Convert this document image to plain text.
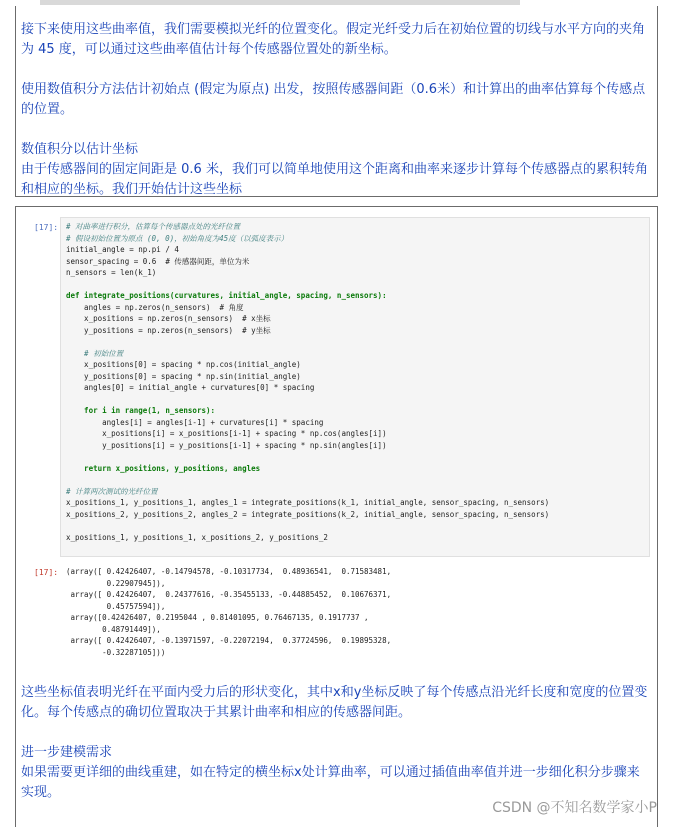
接下来使用这些曲率值，我们需要模拟光纤的位置变化。假定光纤受力后在初始位置的切线与水平方向的夹角为 45 度，可以通过这些曲率值估计每个传感器位置处的新坐标。

使用数值积分方法估计初始点 (假定为原点) 出发，按照传感器间距（0.6米）和计算出的曲率估算每个传感点的位置。

数值积分以估计坐标

由于传感器间的固定间距是 0.6 米，我们可以简单地使用这个距离和曲率来逐步计算每个传感器点的累积转角和相应的坐标。我们开始估计这些坐标

[17]:	# 对曲率进行积分，估算每个传感器点处的光纤位置
# 假设初始位置为原点 (0, 0)，初始角度为45度（以弧度表示）
initial_angle = np.pi / 4
sensor_spacing = 0.6  # 传感器间距，单位为米
n_sensors = len(k_1)
def integrate_positions(curvatures, initial_angle, spacing, n_sensors):
angles = np.zeros(n_sensors)  # 角度
x_positions = np.zeros(n_sensors)  # x坐标
y_positions = np.zeros(n_sensors)  # y坐标
# 初始位置
x_positions[0] = spacing * np.cos(initial_angle)
y_positions[0] = spacing * np.sin(initial_angle)
angles[0] = initial_angle + curvatures[0] * spacing
for i in range(1, n_sensors):
angles[i] = angles[i-1] + curvatures[i] * spacing
x_positions[i] = x_positions[i-1] + spacing * np.cos(angles[i])
y_positions[i] = y_positions[i-1] + spacing * np.sin(angles[i])
return x_positions, y_positions, angles
# 计算两次测试的光纤位置
x_positions_1, y_positions_1, angles_1 = integrate_positions(k_1, initial_angle, sensor_spacing, n_sensors)
x_positions_2, y_positions_2, angles_2 = integrate_positions(k_2, initial_angle, sensor_spacing, n_sensors)
x_positions_1, y_positions_1, x_positions_2, y_positions_2
[17]:	(array([ 0.42426407, -0.14794578, -0.10317734,  0.48936541,  0.71583481,
0.22907945]),
array([ 0.42426407,  0.24377616, -0.35455133, -0.44885452,  0.10676371,
0.45757594]),
array([0.42426407, 0.2195044 , 0.81401095, 0.76467135, 0.1917737 ,
0.48791449]),
array([ 0.42426407, -0.13971597, -0.22072194,  0.37724596,  0.19895328,
-0.32287105]))

这些坐标值表明光纤在平面内受力后的形状变化，其中x和y坐标反映了每个传感点沿光纤长度和宽度的位置变化。每个传感点的确切位置取决于其累计曲率和相应的传感器间距。

进一步建模需求

如果需要更详细的曲线重建，如在特定的横坐标x处计算曲率，可以通过插值曲率值并进一步细化积分步骤来实现。

CSDN @不知名数学家小P
